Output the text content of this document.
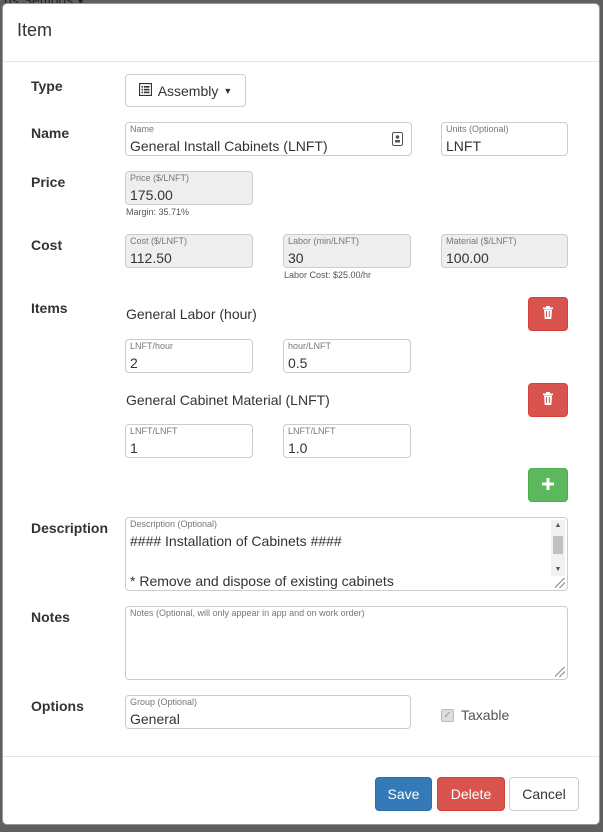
Item
Type	Assembly ▼
Name	Name
General Install Cabinets (LNFT)
Units (Optional)
LNFT
Price	Price ($/LNFT)
175.00
Margin: 35.71%
Cost	Cost ($/LNFT)
112.50
Labor (min/LNFT)
30
Labor Cost: $25.00/hr
Material ($/LNFT)
100.00
Items	General Labor (hour)
LNFT/hour
2
hour/LNFT
0.5
General Cabinet Material (LNFT)
LNFT/LNFT
1
LNFT/LNFT
1.0
Description Description (Optional)
#### Installation of Cabinets ####
* Remove and dispose of existing cabinets
▲
▼
Notes	Notes (Optional, will only appear in app and on work order)
Options	Group (Optional)
General	✓ Taxable
Save	Delete	Cancel
